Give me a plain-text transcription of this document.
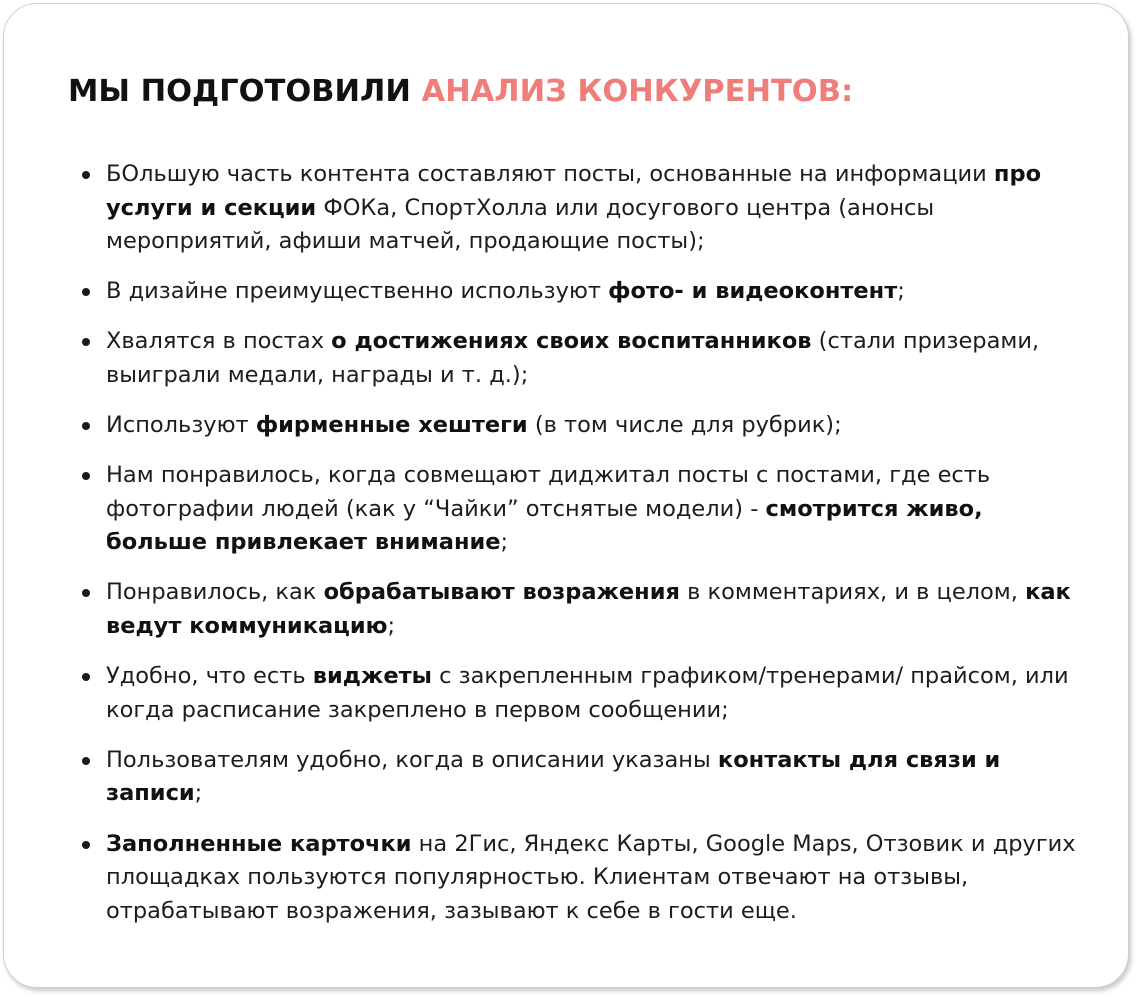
МЫ ПОДГОТОВИЛИ АНАЛИЗ КОНКУРЕНТОВ:
БОльшую часть контента составляют посты, основанные на информации про услуги и секции ФОКа, СпортХолла или досугового центра (анонсы мероприятий, афиши матчей, продающие посты);
В дизайне преимущественно используют фото- и видеоконтент;
Хвалятся в постах о достижениях своих воспитанников (стали призерами, выиграли медали, награды и т. д.);
Используют фирменные хештеги (в том числе для рубрик);
Нам понравилось, когда совмещают диджитал посты с постами, где есть фотографии людей (как у “Чайки” отснятые модели) - смотрится живо, больше привлекает внимание;
Понравилось, как обрабатывают возражения в комментариях, и в целом, как ведут коммуникацию;
Удобно, что есть виджеты с закрепленным графиком/тренерами/ прайсом, или когда расписание закреплено в первом сообщении;
Пользователям удобно, когда в описании указаны контакты для связи и записи;
Заполненные карточки на 2Гис, Яндекс Карты, Google Maps, Отзовик и других площадках пользуются популярностью. Клиентам отвечают на отзывы, отрабатывают возражения, зазывают к себе в гости еще.
